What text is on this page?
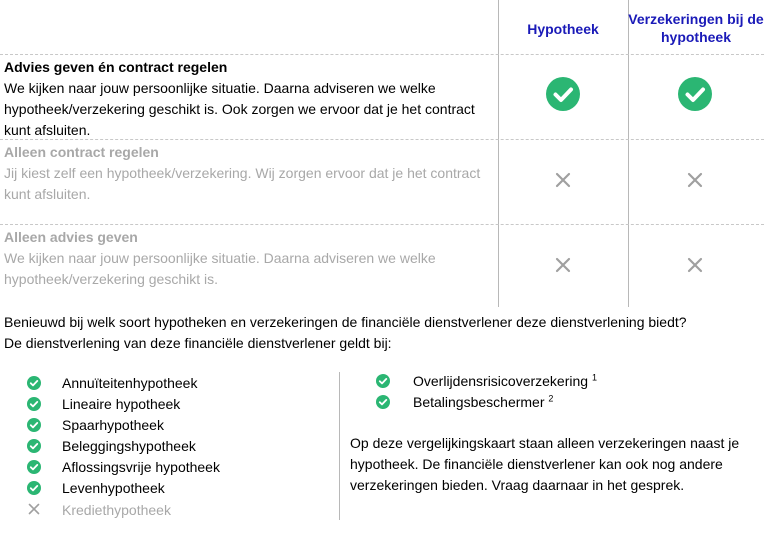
Hypotheek
Verzekeringen bij de hypotheek
Advies geven én contract regelen
We kijken naar jouw persoonlijke situatie. Daarna adviseren we welke hypotheek/verzekering geschikt is. Ook zorgen we ervoor dat je het contract kunt afsluiten.
Alleen contract regelen
Jij kiest zelf een hypotheek/verzekering. Wij zorgen ervoor dat je het contract kunt afsluiten.
Alleen advies geven
We kijken naar jouw persoonlijke situatie. Daarna adviseren we welke hypotheek/verzekering geschikt is.
Benieuwd bij welk soort hypotheken en verzekeringen de financiële dienstverlener deze dienstverlening biedt?
De dienstverlening van deze financiële dienstverlener geldt bij:
Annuïteitenhypotheek
Lineaire hypotheek
Spaarhypotheek
Beleggingshypotheek
Aflossingsvrije hypotheek
Levenhypotheek
Krediethypotheek
Overlijdensrisicoverzekering $^1$
Betalingsbeschermer $^2$
Op deze vergelijkingskaart staan alleen verzekeringen naast je hypotheek. De financiële dienstverlener kan ook nog andere verzekeringen bieden. Vraag daarnaar in het gesprek.
